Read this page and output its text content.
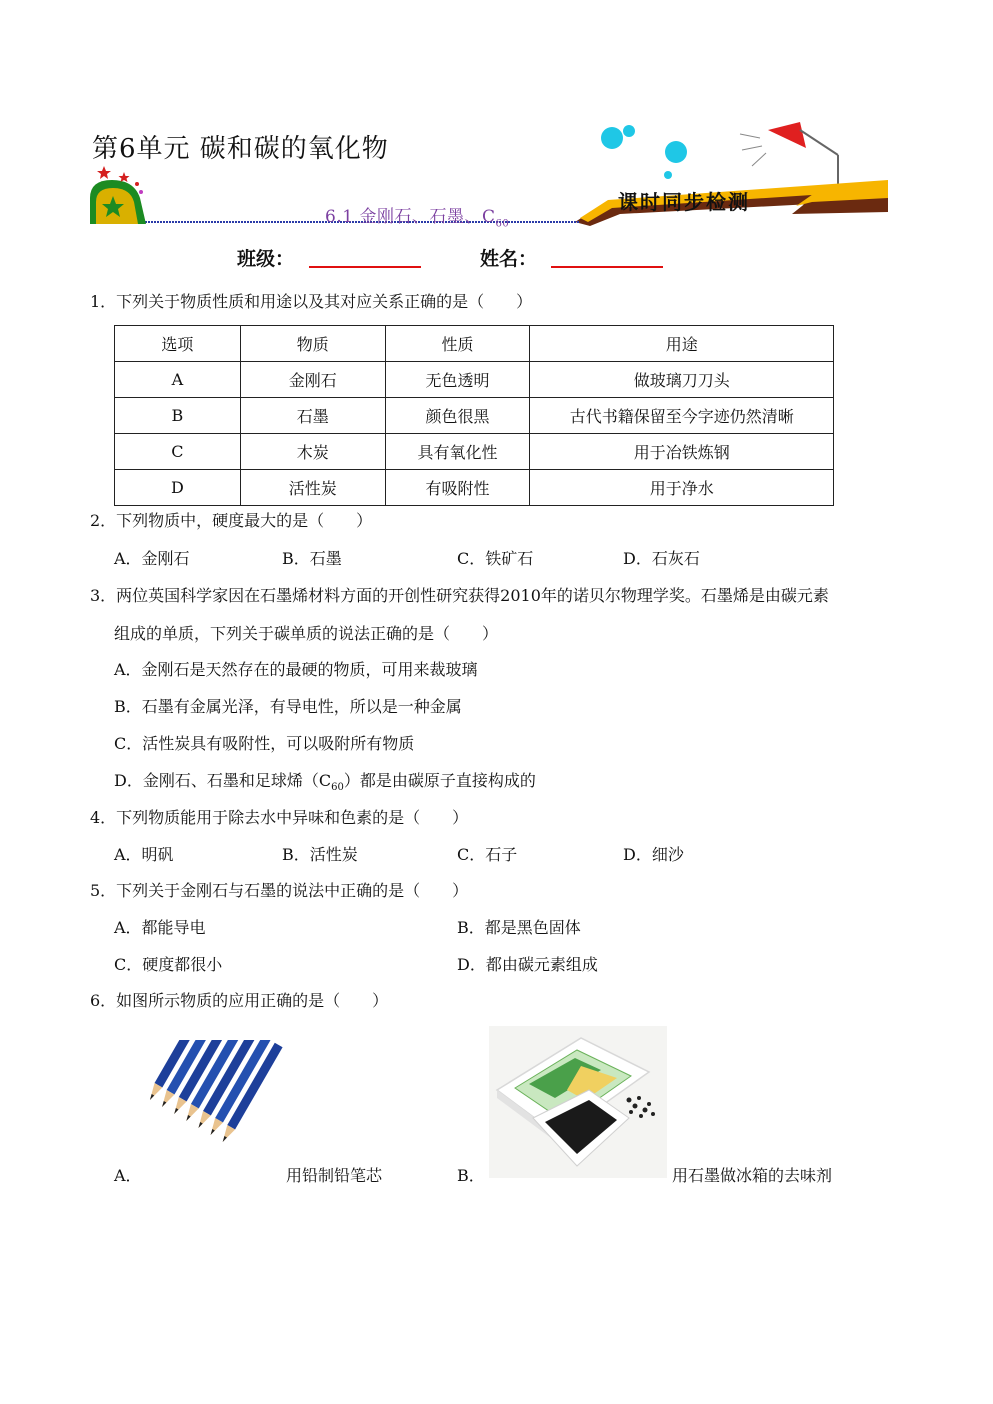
第6单元 碳和碳的氧化物
6.1 金刚石、石墨、$C_{60}$
课时同步检测
班级：	姓名：
1．下列关于物质性质和用途以及其对应关系正确的是（　　）
选项	物质	性质	用途
A	金刚石	无色透明	做玻璃刀刀头
B	石墨	颜色很黑	古代书籍保留至今字迹仍然清晰
C	木炭	具有氧化性	用于冶铁炼钢
D	活性炭	有吸附性	用于净水
2．下列物质中，硬度最大的是（　　）
A．金刚石	B．石墨	C．铁矿石	D．石灰石
3．两位英国科学家因在石墨烯材料方面的开创性研究获得2010年的诺贝尔物理学奖。石墨烯是由碳元素
组成的单质，下列关于碳单质的说法正确的是（　　）
A．金刚石是天然存在的最硬的物质，可用来裁玻璃
B．石墨有金属光泽，有导电性，所以是一种金属
C．活性炭具有吸附性，可以吸附所有物质
D．金刚石、石墨和足球烯$(C_{60})$都是由碳原子直接构成的
4．下列物质能用于除去水中异味和色素的是（　　）
A．明矾	B．活性炭	C．石子	D．细沙
5．下列关于金刚石与石墨的说法中正确的是（　　）
A．都能导电	B．都是黑色固体
C．硬度都很小	D．都由碳元素组成
6．如图所示物质的应用正确的是（　　）
A．	用铅制铅笔芯	B．	用石墨做冰箱的去味剂
